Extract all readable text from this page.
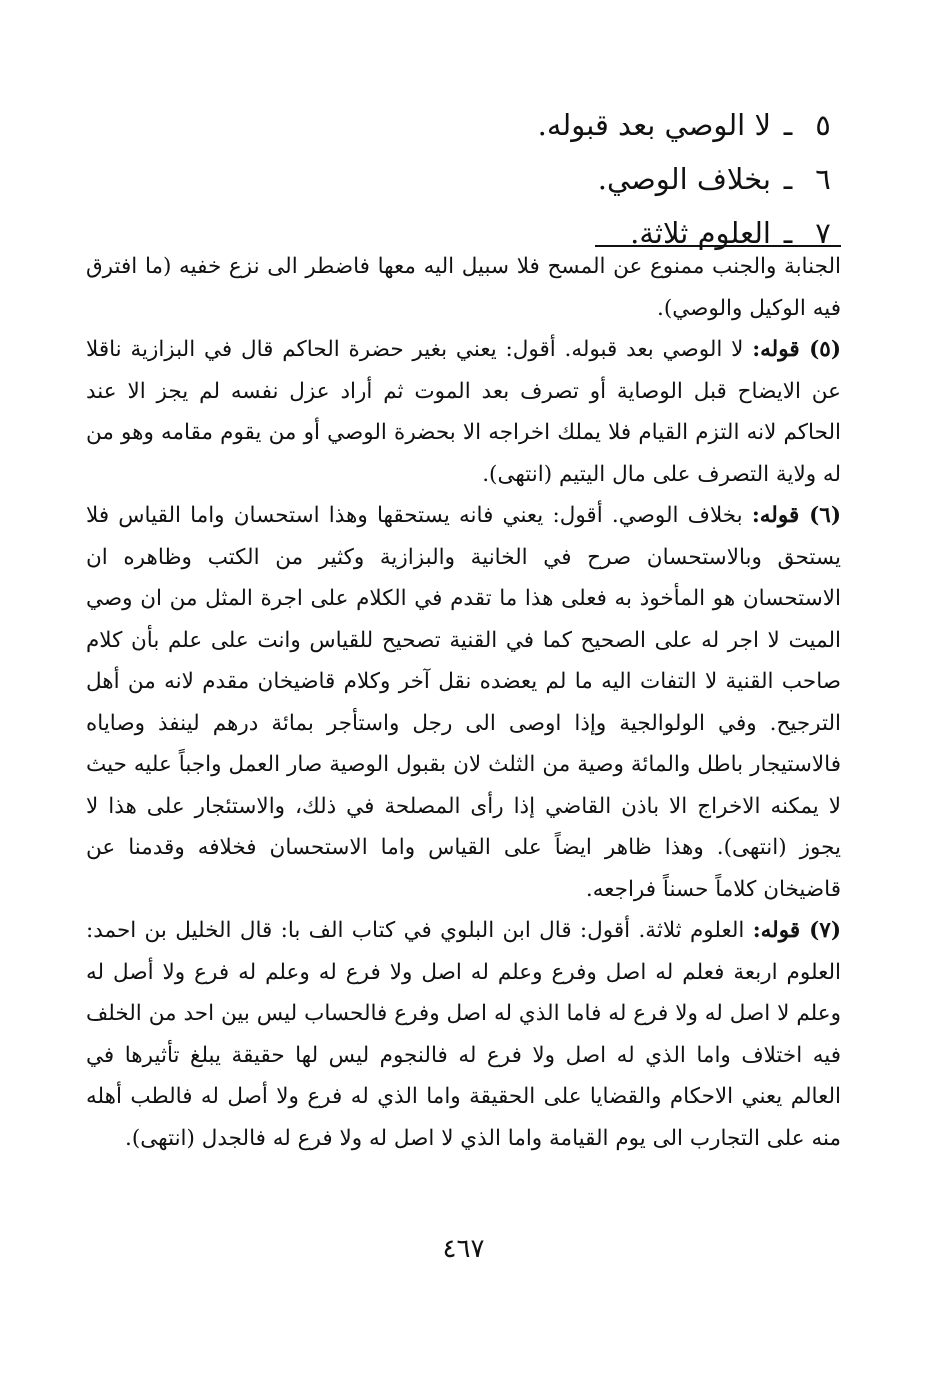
٥
ـ
لا الوصي بعد قبوله.
٦
ـ
بخلاف الوصي.
٧
ـ
العلوم ثلاثة.

الجنابة والجنب ممنوع عن المسح فلا سبيل اليه معها فاضطر الى نزع خفيه (ما افترق فيه الوكيل والوصي).

(٥) قوله: لا الوصي بعد قبوله. أقول: يعني بغير حضرة الحاكم قال في البزازية ناقلا عن الايضاح قبل الوصاية أو تصرف بعد الموت ثم أراد عزل نفسه لم يجز الا عند الحاكم لانه التزم القيام فلا يملك اخراجه الا بحضرة الوصي أو من يقوم مقامه وهو من له ولاية التصرف على مال اليتيم (انتهى).

(٦) قوله: بخلاف الوصي. أقول: يعني فانه يستحقها وهذا استحسان واما القياس فلا يستحق وبالاستحسان صرح في الخانية والبزازية وكثير من الكتب وظاهره ان الاستحسان هو المأخوذ به فعلى هذا ما تقدم في الكلام على اجرة المثل من ان وصي الميت لا اجر له على الصحيح كما في القنية تصحيح للقياس وانت على علم بأن كلام صاحب القنية لا التفات اليه ما لم يعضده نقل آخر وكلام قاضيخان مقدم لانه من أهل الترجيح. وفي الولوالجية وإذا اوصى الى رجل واستأجر بمائة درهم لينفذ وصاياه فالاستيجار باطل والمائة وصية من الثلث لان بقبول الوصية صار العمل واجباً عليه حيث لا يمكنه الاخراج الا باذن القاضي إذا رأى المصلحة في ذلك، والاستئجار على هذا لا يجوز (انتهى). وهذا ظاهر ايضاً على القياس واما الاستحسان فخلافه وقدمنا عن قاضيخان كلاماً حسناً فراجعه.

(٧) قوله: العلوم ثلاثة. أقول: قال ابن البلوي في كتاب الف با: قال الخليل بن احمد: العلوم اربعة فعلم له اصل وفرع وعلم له اصل ولا فرع له وعلم له فرع ولا أصل له وعلم لا اصل له ولا فرع له فاما الذي له اصل وفرع فالحساب ليس بين احد من الخلف فيه اختلاف واما الذي له اصل ولا فرع له فالنجوم ليس لها حقيقة يبلغ تأثيرها في العالم يعني الاحكام والقضايا على الحقيقة واما الذي له فرع ولا أصل له فالطب أهله منه على التجارب الى يوم القيامة واما الذي لا اصل له ولا فرع له فالجدل (انتهى).

٤٦٧
